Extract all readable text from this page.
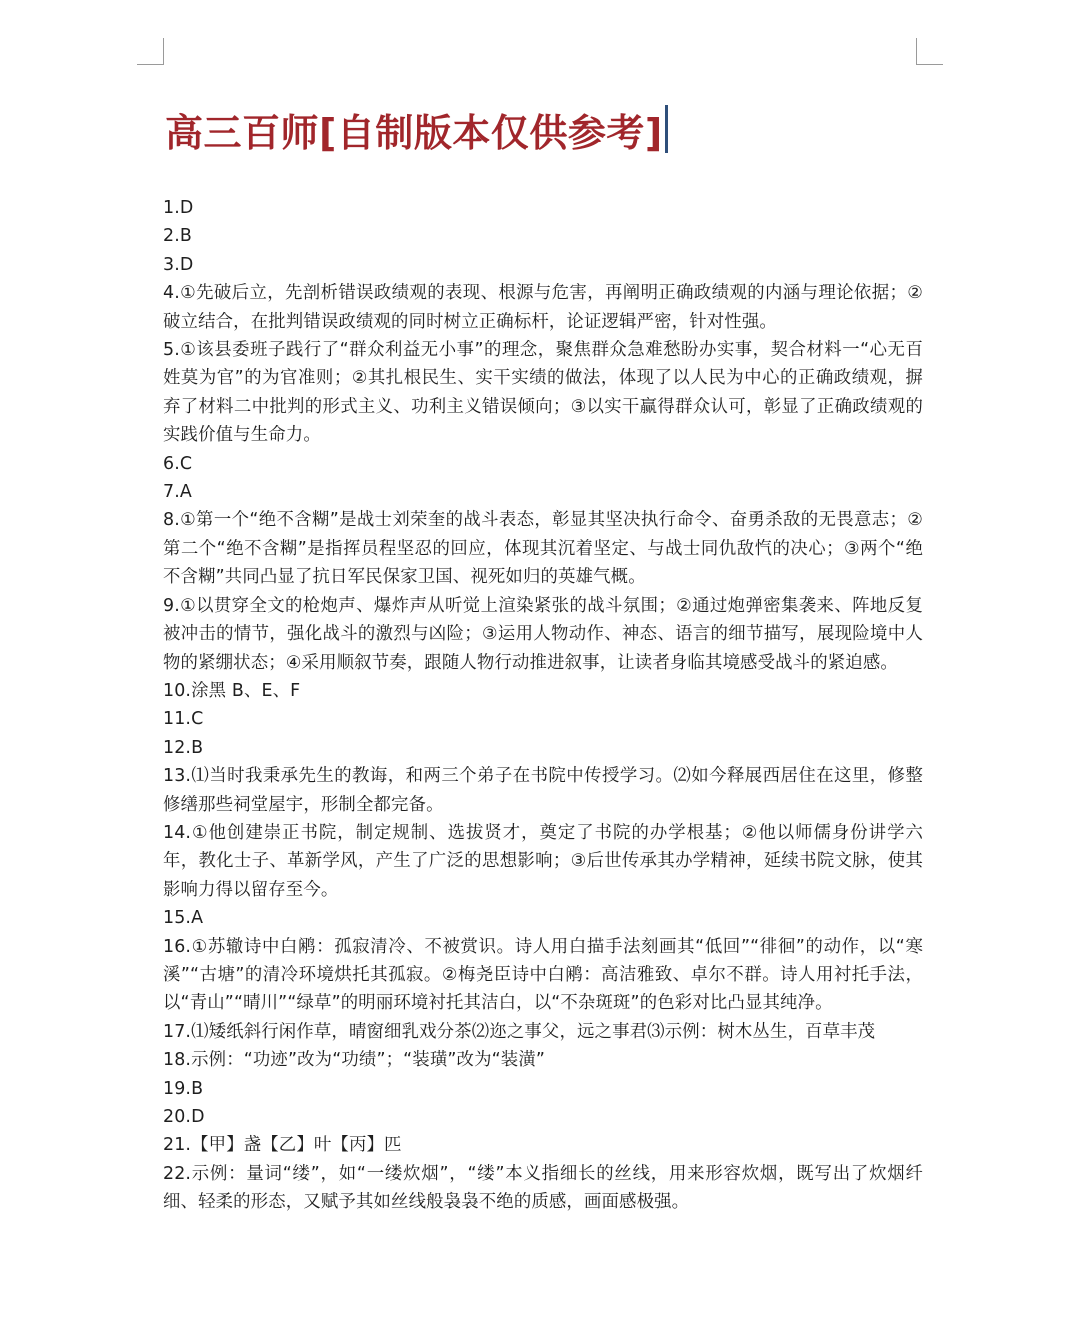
高三百师[自制版本仅供参考]
1.D
2.B
3.D
4.①先破后立，先剖析错误政绩观的表现、根源与危害，再阐明正确政绩观的内涵与理论依据；②破立结合，在批判错误政绩观的同时树立正确标杆，论证逻辑严密，针对性强。
5.①该县委班子践行了“群众利益无小事”的理念，聚焦群众急难愁盼办实事，契合材料一“心无百姓莫为官”的为官准则；②其扎根民生、实干实绩的做法，体现了以人民为中心的正确政绩观，摒弃了材料二中批判的形式主义、功利主义错误倾向；③以实干赢得群众认可，彰显了正确政绩观的实践价值与生命力。
6.C
7.A
8.①第一个“绝不含糊”是战士刘荣奎的战斗表态，彰显其坚决执行命令、奋勇杀敌的无畏意志；②第二个“绝不含糊”是指挥员程坚忍的回应，体现其沉着坚定、与战士同仇敌忾的决心；③两个“绝不含糊”共同凸显了抗日军民保家卫国、视死如归的英雄气概。
9.①以贯穿全文的枪炮声、爆炸声从听觉上渲染紧张的战斗氛围；②通过炮弹密集袭来、阵地反复被冲击的情节，强化战斗的激烈与凶险；③运用人物动作、神态、语言的细节描写，展现险境中人物的紧绷状态；④采用顺叙节奏，跟随人物行动推进叙事，让读者身临其境感受战斗的紧迫感。
10.涂黑 B、E、F
11.C
12.B
13.⑴当时我秉承先生的教诲，和两三个弟子在书院中传授学习。⑵如今释展西居住在这里，修整修缮那些祠堂屋宇，形制全都完备。
14.①他创建崇正书院，制定规制、选拔贤才，奠定了书院的办学根基；②他以师儒身份讲学六年，教化士子、革新学风，产生了广泛的思想影响；③后世传承其办学精神，延续书院文脉，使其影响力得以留存至今。
15.A
16.①苏辙诗中白鹇：孤寂清冷、不被赏识。诗人用白描手法刻画其“低回”“徘徊”的动作，以“寒溪”“古塘”的清冷环境烘托其孤寂。②梅尧臣诗中白鹇：高洁雅致、卓尔不群。诗人用衬托手法，以“青山”“晴川”“绿草”的明丽环境衬托其洁白，以“不杂斑斑”的色彩对比凸显其纯净。
17.⑴矮纸斜行闲作草，晴窗细乳戏分茶⑵迩之事父，远之事君⑶示例：树木丛生，百草丰茂
18.示例：“功迹”改为“功绩”；“装璜”改为“装潢”
19.B
20.D
21.【甲】盏【乙】叶【丙】匹
22.示例：量词“缕”，如“一缕炊烟”，“缕”本义指细长的丝线，用来形容炊烟，既写出了炊烟纤细、轻柔的形态，又赋予其如丝线般袅袅不绝的质感，画面感极强。
